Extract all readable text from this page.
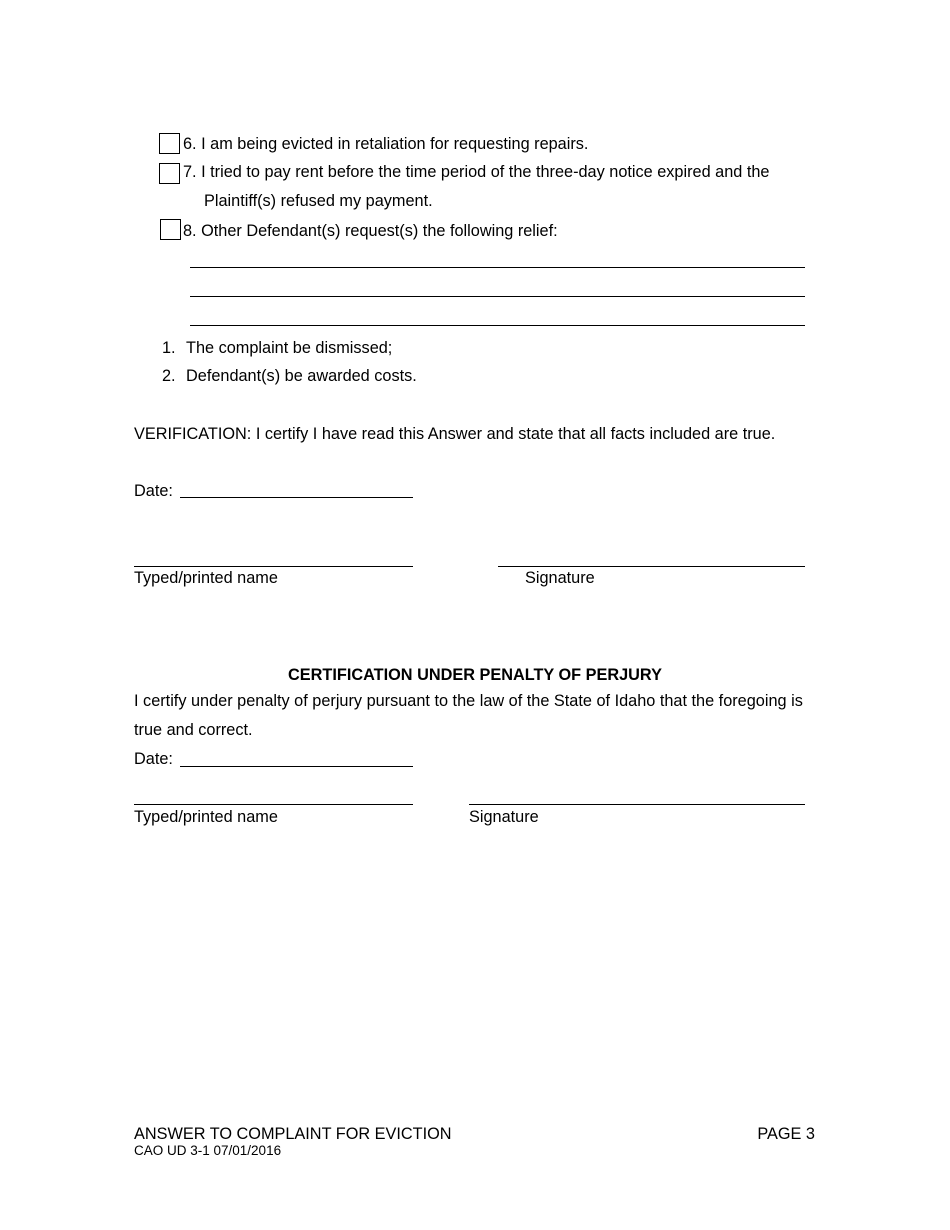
6. I am being evicted in retaliation for requesting repairs.
7. I tried to pay rent before the time period of the three-day notice expired and the
Plaintiff(s) refused my payment.
8. Other Defendant(s) request(s) the following relief:
1. The complaint be dismissed;
2. Defendant(s) be awarded costs.
VERIFICATION: I certify I have read this Answer and state that all facts included are true.
Date:
Typed/printed name	Signature
CERTIFICATION UNDER PENALTY OF PERJURY
I certify under penalty of perjury pursuant to the law of the State of Idaho that the foregoing is
true and correct.
Date:
Typed/printed name	Signature
ANSWER TO COMPLAINT FOR EVICTION
CAO UD 3-1 07/01/2016
PAGE 3
